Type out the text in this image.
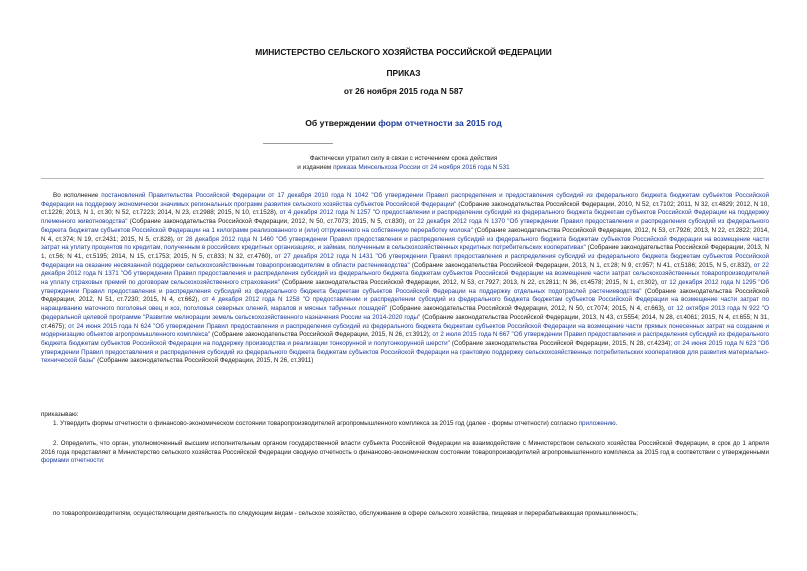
МИНИСТЕРСТВО СЕЛЬСКОГО ХОЗЯЙСТВА РОССИЙСКОЙ ФЕДЕРАЦИИ
ПРИКАЗ
от 26 ноября 2015 года N 587
Об утверждении форм отчетности за 2015 год
Фактически утратил силу в связи с истечением срока действия
и изданием приказа Минсельхоза России от 24 ноября 2016 года N 531
Во исполнение постановлений Правительства Российской Федерации от 17 декабря 2010 года N 1042 "Об утверждении Правил распределения и предоставления субсидий из федерального бюджета бюджетам субъектов Российской Федерации на поддержку экономически значимых региональных программ развития сельского хозяйства субъектов Российской Федерации" (Собрание законодательства Российской Федерации, 2010, N 52, ст.7102; 2011, N 32, ст.4829; 2012, N 10, ст.1226; 2013, N 1, ст.30; N 52, ст.7223; 2014, N 23, ст.2988; 2015, N 10, ст.1528), от 4 декабря 2012 года N 1257 "О предоставлении и распределении субсидий из федерального бюджета бюджетам субъектов Российской Федерации на поддержку племенного животноводства" (Собрание законодательства Российской Федерации, 2012, N 50, ст.7073; 2015, N 5, ст.830), от 22 декабря 2012 года N 1370 "Об утверждении Правил предоставления и распределения субсидий из федерального бюджета бюджетам субъектов Российской Федерации на 1 килограмм реализованного и (или) отгруженного на собственную переработку молока" (Собрание законодательства Российской Федерации, 2012, N 53, ст.7926; 2013, N 22, ст.2822; 2014, N 4, ст.374; N 19, ст.2431; 2015, N 5, ст.828), от 28 декабря 2012 года N 1460 "Об утверждении Правил предоставления и распределения субсидий из федерального бюджета бюджетам субъектов Российской Федерации на возмещение части затрат на уплату процентов по кредитам, полученным в российских кредитных организациях, и займам, полученным в сельскохозяйственных кредитных потребительских кооперативах" (Собрание законодательства Российской Федерации, 2013, N 1, ст.56; N 41, ст.5195; 2014, N 15, ст.1753; 2015, N 5, ст.833; N 32, ст.4760), от 27 декабря 2012 года N 1431 "Об утверждении Правил предоставления и распределения субсидий из федерального бюджета бюджетам субъектов Российской Федерации на оказание несвязанной поддержки сельскохозяйственным товаропроизводителям в области растениеводства" (Собрание законодательства Российской Федерации, 2013, N 1, ст.28; N 9, ст.957; N 41, ст.5186; 2015, N 5, ст.832), от 22 декабря 2012 года N 1371 "Об утверждении Правил предоставления и распределения субсидий из федерального бюджета бюджетам субъектов Российской Федерации на возмещение части затрат сельскохозяйственных товаропроизводителей на уплату страховых премий по договорам сельскохозяйственного страхования" (Собрание законодательства Российской Федерации, 2012, N 53, ст.7927; 2013, N 22, ст.2811; N 36, ст.4578; 2015, N 1, ст.302), от 12 декабря 2012 года N 1295 "Об утверждении Правил предоставления и распределения субсидий из федерального бюджета бюджетам субъектов Российской Федерации на поддержку отдельных подотраслей растениеводства" (Собрание законодательства Российской Федерации, 2012, N 51, ст.7230; 2015, N 4, ст.662), от 4 декабря 2012 года N 1258 "О предоставлении и распределении субсидий из федерального бюджета бюджетам субъектов Российской Федерации на возмещение части затрат по наращиванию маточного поголовья овец и коз, поголовья северных оленей, маралов и мясных табунных лошадей" (Собрание законодательства Российской Федерации, 2012, N 50, ст.7074; 2015, N 4, ст.663), от 12 октября 2013 года N 922 "О федеральной целевой программе "Развитие мелиорации земель сельскохозяйственного назначения России на 2014-2020 годы" (Собрание законодательства Российской Федерации, 2013, N 43, ст.5554; 2014, N 28, ст.4061; 2015, N 4, ст.655; N 31, ст.4675); от 24 июня 2015 года N 624 "Об утверждении Правил предоставления и распределения субсидий из федерального бюджета бюджетам субъектов Российской Федерации на возмещение части прямых понесенных затрат на создание и модернизацию объектов агропромышленного комплекса" (Собрание законодательства Российской Федерации, 2015, N 26, ст.3912); от 2 июля 2015 года N 667 "Об утверждении Правил предоставления и распределения субсидий из федерального бюджета бюджетам субъектов Российской Федерации на поддержку производства и реализации тонкорунной и полутонкорунной шерсти" (Собрание законодательства Российской Федерации, 2015, N 28, ст.4234); от 24 июня 2015 года N 623 "Об утверждении Правил предоставления и распределения субсидий из федерального бюджета бюджетам субъектов Российской Федерации на грантовую поддержку сельскохозяйственных потребительских кооперативов для развития материально-технической базы" (Собрание законодательства Российской Федерации, 2015, N 26, ст.3911)
приказываю:
1. Утвердить формы отчетности о финансово-экономическом состоянии товаропроизводителей агропромышленного комплекса за 2015 год (далее - формы отчетности) согласно приложению.
2. Определить, что орган, уполномоченный высшим исполнительным органом государственной власти субъекта Российской Федерации на взаимодействие с Министерством сельского хозяйства Российской Федерации, в срок до 1 апреля 2016 года представляет в Министерство сельского хозяйства Российской Федерации сводную отчетность о финансово-экономическом состоянии товаропроизводителей агропромышленного комплекса за 2015 год в соответствии с утвержденными формами отчетности:
по товаропроизводителям, осуществляющим деятельность по следующим видам - сельское хозяйство, обслуживание в сфере сельского хозяйства, пищевая и перерабатывающая промышленность;
